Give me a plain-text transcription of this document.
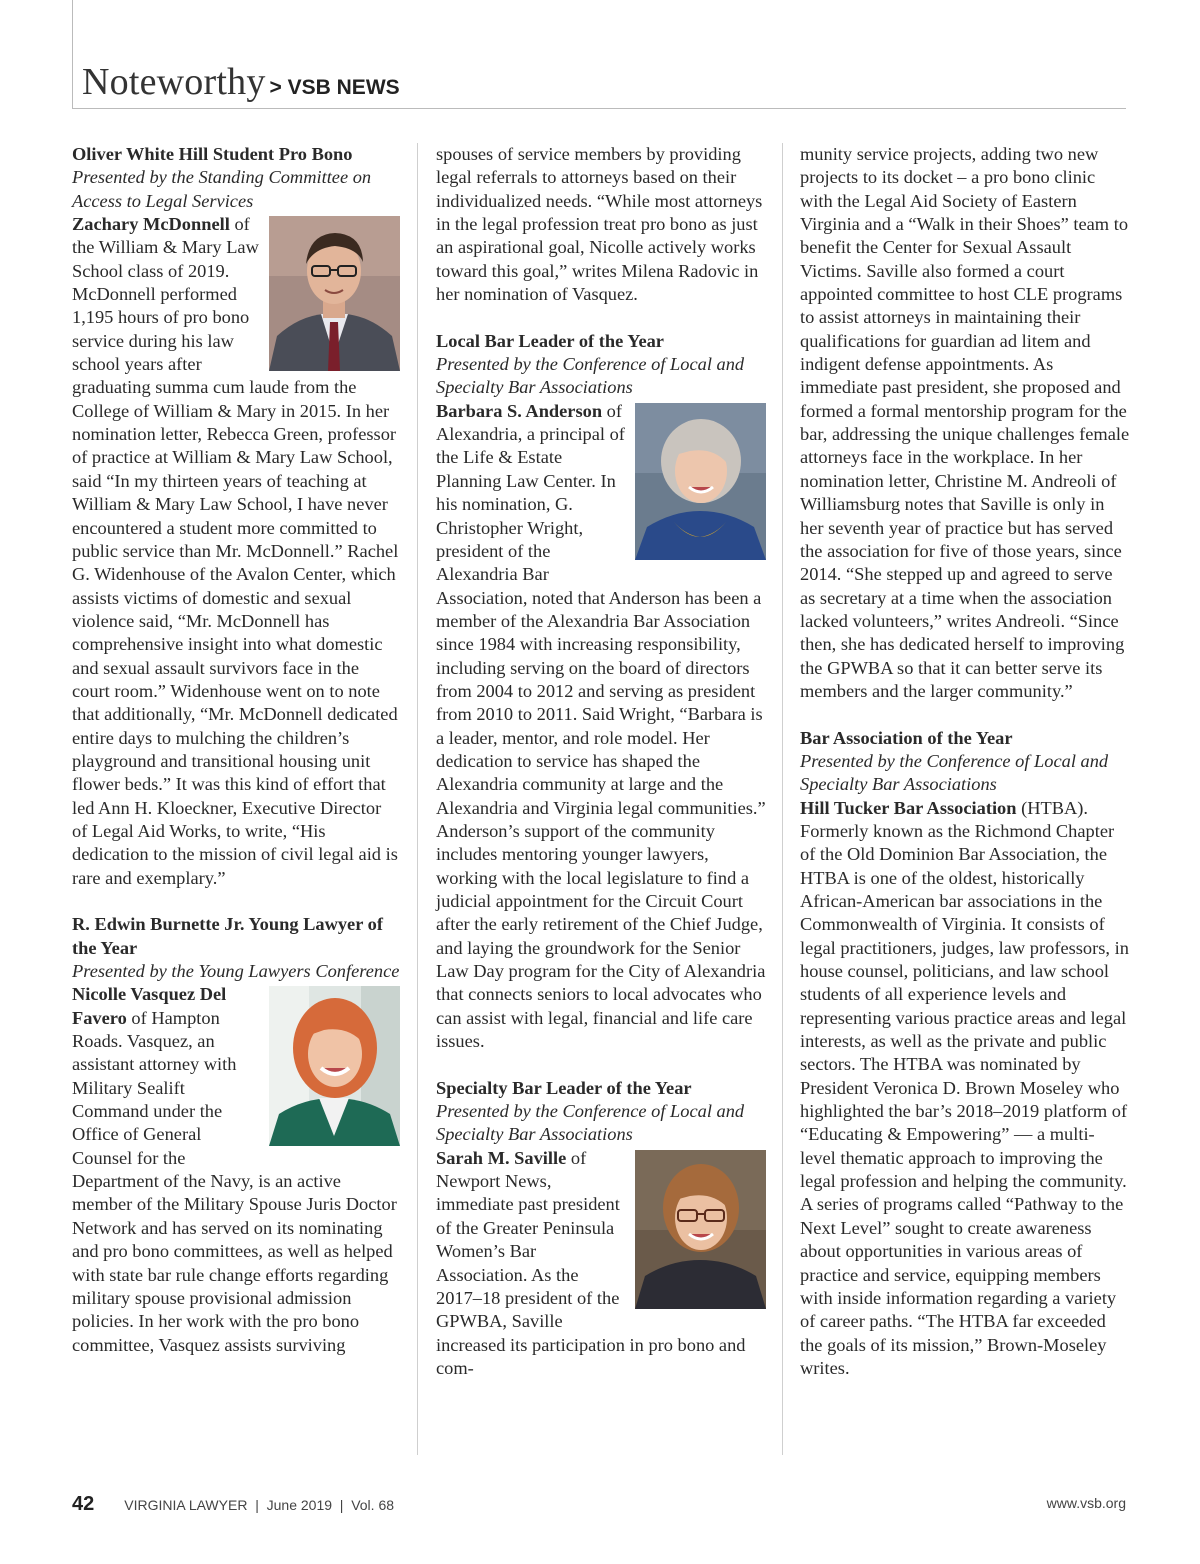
Noteworthy > VSB NEWS

Oliver White Hill Student Pro Bono

Presented by the Standing Committee on Access to Legal Services

Zachary McDonnell of the William & Mary Law School class of 2019. McDonnell performed 1,195 hours of pro bono service during his law school years after graduating summa cum laude from the College of William & Mary in 2015. In her nomination letter, Rebecca Green, professor of practice at William & Mary Law School, said “In my thirteen years of teaching at William & Mary Law School, I have never encountered a student more committed to public service than Mr. McDonnell.” Rachel G. Widenhouse of the Avalon Center, which assists victims of domestic and sexual violence said, “Mr. McDonnell has comprehensive insight into what domestic and sexual assault survivors face in the court room.” Widenhouse went on to note that additionally, “Mr. McDonnell dedicated entire days to mulching the children’s playground and transitional housing unit flower beds.” It was this kind of effort that led Ann H. Kloeckner, Executive Director of Legal Aid Works, to write, “His dedication to the mission of civil legal aid is rare and exemplary.”

R. Edwin Burnette Jr. Young Lawyer of the Year

Presented by the Young Lawyers Conference

Nicolle Vasquez Del Favero of Hampton Roads. Vasquez, an assistant attorney with Military Sealift Command under the Office of General Counsel for the Department of the Navy, is an active member of the Military Spouse Juris Doctor Network and has served on its nominating and pro bono committees, as well as helped with state bar rule change efforts regarding military spouse provisional admission policies. In her work with the pro bono committee, Vasquez assists surviving

spouses of service members by providing legal referrals to attorneys based on their individualized needs. “While most attorneys in the legal profession treat pro bono as just an aspirational goal, Nicolle actively works toward this goal,” writes Milena Radovic in her nomination of Vasquez.

Local Bar Leader of the Year

Presented by the Conference of Local and Specialty Bar Associations

Barbara S. Anderson of Alexandria, a principal of the Life & Estate Planning Law Center. In his nomination, G. Christopher Wright, president of the Alexandria Bar Association, noted that Anderson has been a member of the Alexandria Bar Association since 1984 with increasing responsibility, including serving on the board of directors from 2004 to 2012 and serving as president from 2010 to 2011. Said Wright, “Barbara is a leader, mentor, and role model. Her dedication to service has shaped the Alexandria community at large and the Alexandria and Virginia legal communities.” Anderson’s support of the community includes mentoring younger lawyers, working with the local legislature to find a judicial appointment for the Circuit Court after the early retirement of the Chief Judge, and laying the groundwork for the Senior Law Day program for the City of Alexandria that connects seniors to local advocates who can assist with legal, financial and life care issues.

Specialty Bar Leader of the Year

Presented by the Conference of Local and Specialty Bar Associations

Sarah M. Saville of Newport News, immediate past president of the Greater Peninsula Women’s Bar Association. As the 2017–18 president of the GPWBA, Saville increased its participation in pro bono and com-

munity service projects, adding two new projects to its docket – a pro bono clinic with the Legal Aid Society of Eastern Virginia and a “Walk in their Shoes” team to benefit the Center for Sexual Assault Victims. Saville also formed a court appointed committee to host CLE programs to assist attorneys in maintaining their qualifications for guardian ad litem and indigent defense appointments. As immediate past president, she proposed and formed a formal mentorship program for the bar, addressing the unique challenges female attorneys face in the workplace. In her nomination letter, Christine M. Andreoli of Williamsburg notes that Saville is only in her seventh year of practice but has served the association for five of those years, since 2014. “She stepped up and agreed to serve as secretary at a time when the association lacked volunteers,” writes Andreoli. “Since then, she has dedicated herself to improving the GPWBA so that it can better serve its members and the larger community.”

Bar Association of the Year

Presented by the Conference of Local and Specialty Bar Associations

Hill Tucker Bar Association (HTBA). Formerly known as the Richmond Chapter of the Old Dominion Bar Association, the HTBA is one of the oldest, historically African-American bar associations in the Commonwealth of Virginia. It consists of legal practitioners, judges, law professors, in house counsel, politicians, and law school students of all experience levels and representing various practice areas and legal interests, as well as the private and public sectors. The HTBA was nominated by President Veronica D. Brown Moseley who highlighted the bar’s 2018–2019 platform of “Educating & Empowering” — a multi-level thematic approach to improving the legal profession and helping the community. A series of programs called “Pathway to the Next Level” sought to create awareness about opportunities in various areas of practice and service, equipping members with inside information regarding a variety of career paths. “The HTBA far exceeded the goals of its mission,” Brown-Moseley writes.

42 VIRGINIA LAWYER  |  June 2019  |  Vol. 68	www.vsb.org
